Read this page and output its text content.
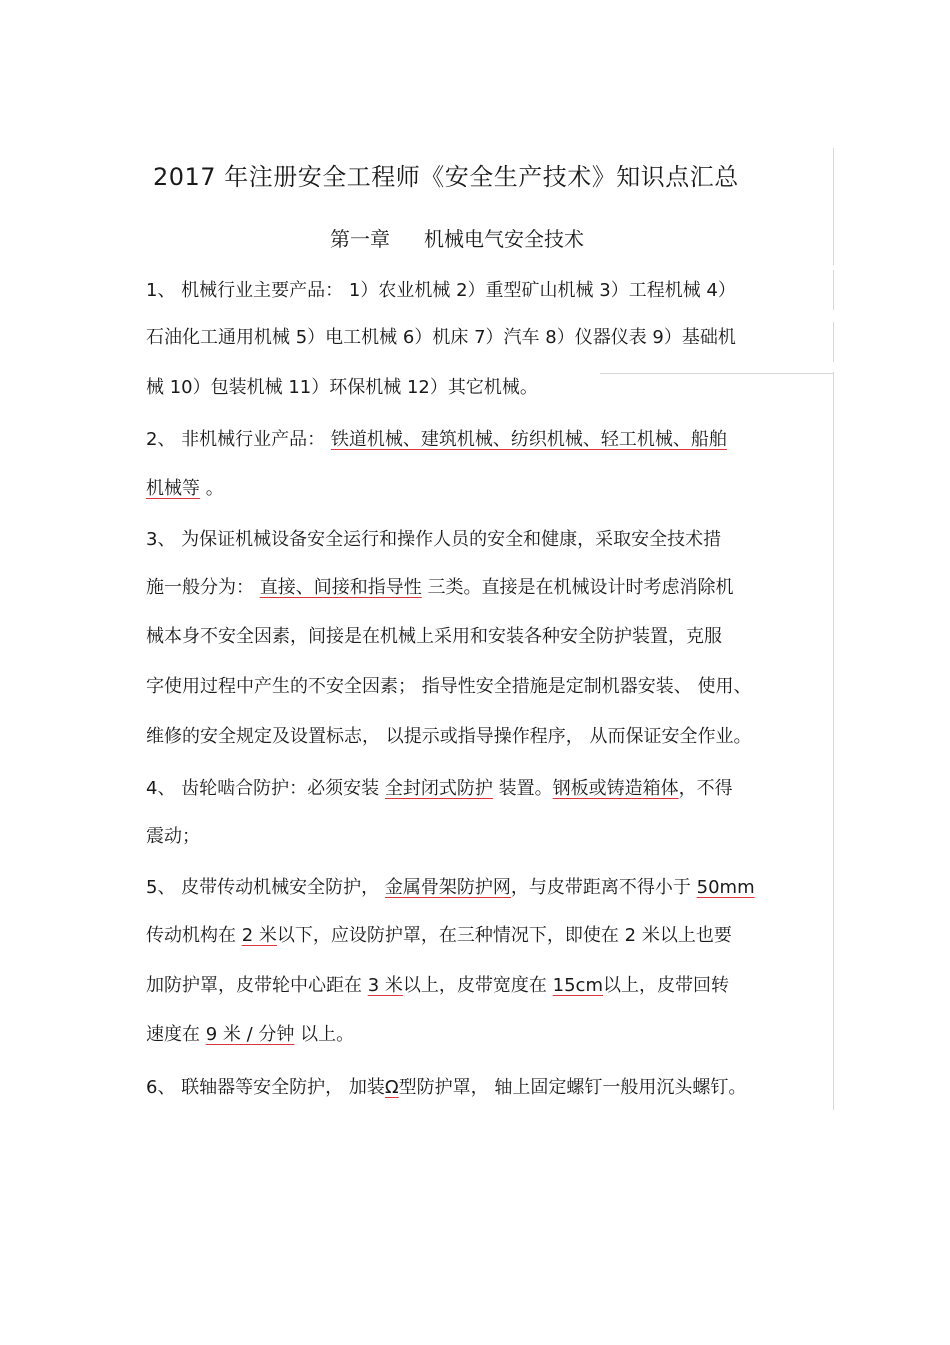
2017 年注册安全工程师《安全生产技术》知识点汇总
第一章 机械电气安全技术
1、 机械行业主要产品： 1）农业机械 2）重型矿山机械 3）工程机械 4）
石油化工通用机械 5）电工机械 6）机床 7）汽车 8）仪器仪表 9）基础机
械 10）包装机械 11）环保机械 12）其它机械。
2、 非机械行业产品： 铁道机械、建筑机械、纺织机械、轻工机械、船舶
机械等 。
3、 为保证机械设备安全运行和操作人员的安全和健康，采取安全技术措
施一般分为： 直接、间接和指导性 三类。直接是在机械设计时考虑消除机
械本身不安全因素，间接是在机械上采用和安装各种安全防护装置，克服
字使用过程中产生的不安全因素； 指导性安全措施是定制机器安装、 使用、
维修的安全规定及设置标志， 以提示或指导操作程序， 从而保证安全作业。
4、 齿轮啮合防护：必须安装 全封闭式防护 装置。钢板或铸造箱体，不得
震动；
5、 皮带传动机械安全防护， 金属骨架防护网，与皮带距离不得小于 50mm
传动机构在 2 米以下，应设防护罩，在三种情况下，即使在 2 米以上也要
加防护罩，皮带轮中心距在 3 米以上，皮带宽度在 15cm以上，皮带回转
速度在 9 米 / 分钟 以上。
6、 联轴器等安全防护， 加装Ω型防护罩， 轴上固定螺钉一般用沉头螺钉。
